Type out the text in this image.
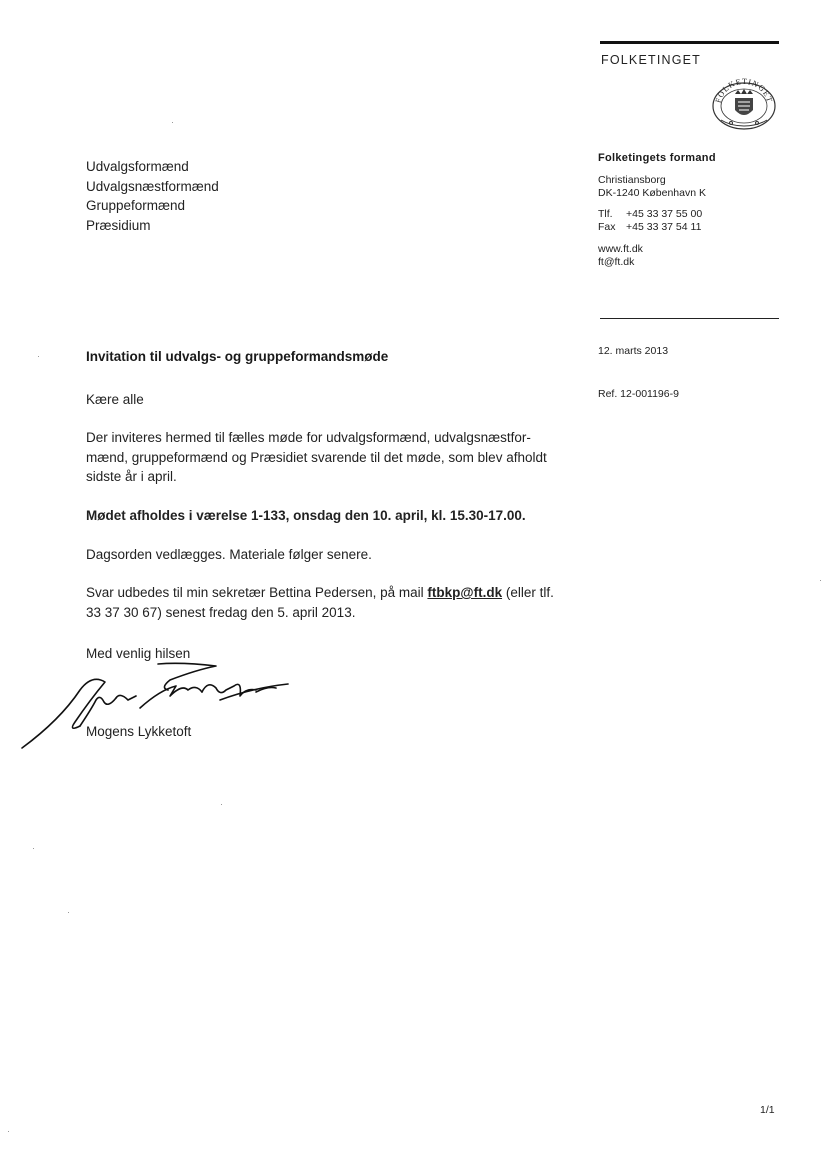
FOLKETINGET
FOLKETINGET
Folketingets formand
Christiansborg
DK-1240 København K
Tlf. +45 33 37 55 00
Fax +45 33 37 54 11
www.ft.dk
ft@ft.dk
12. marts 2013
Ref. 12-001196-9
Udvalgsformænd
Udvalgsnæstformænd
Gruppeformænd
Præsidium
Invitation til udvalgs- og gruppeformandsmøde
Kære alle
Der inviteres hermed til fælles møde for udvalgsformænd, udvalgsnæstfor-
mænd, gruppeformænd og Præsidiet svarende til det møde, som blev afholdt
sidste år i april.
Mødet afholdes i værelse 1-133, onsdag den 10. april, kl. 15.30-17.00.
Dagsorden vedlægges. Materiale følger senere.
Svar udbedes til min sekretær Bettina Pedersen, på mail ftbkp@ft.dk (eller tlf.
33 37 30 67) senest fredag den 5. april 2013.
Med venlig hilsen
Mogens Lykketoft
1/1
